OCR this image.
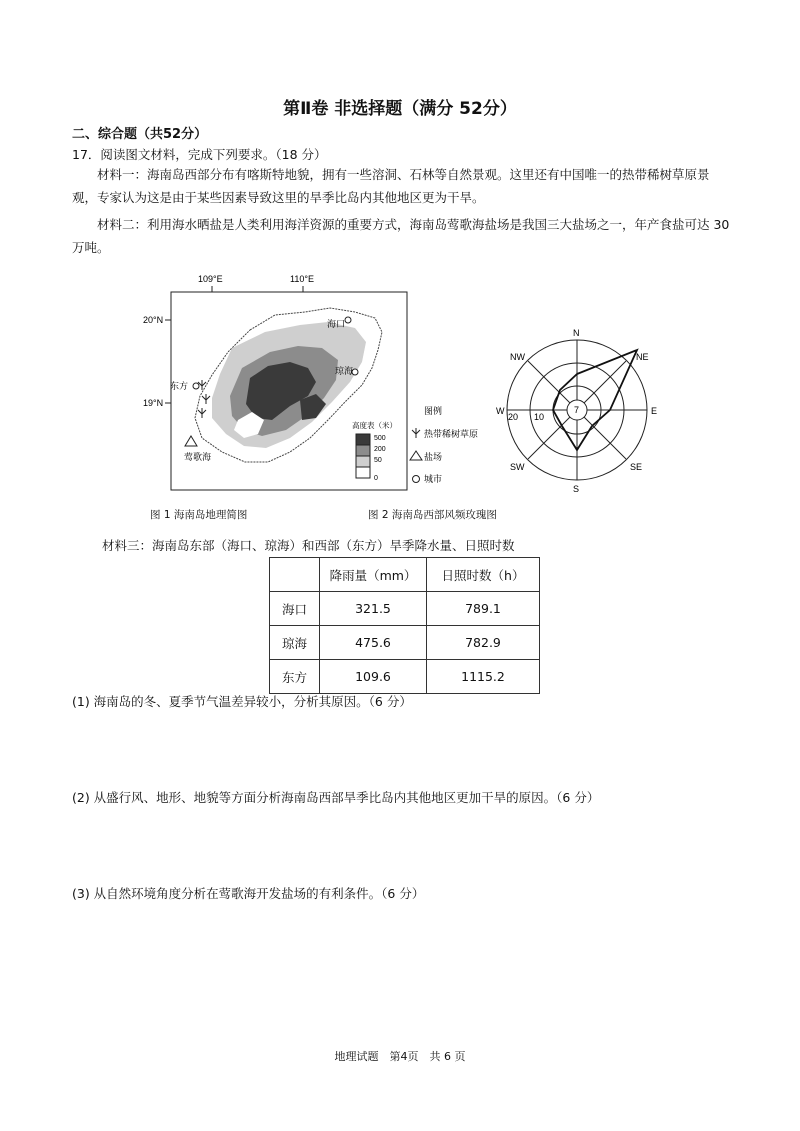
第Ⅱ卷 非选择题（满分 52分）
二、综合题（共52分）
17．阅读图文材料，完成下列要求。（18 分）
材料一：海南岛西部分布有喀斯特地貌，拥有一些溶洞、石林等自然景观。这里还有中国唯一的热带稀树草原景观，专家认为这是由于某些因素导致这里的旱季比岛内其他地区更为干旱。
材料二：利用海水晒盐是人类利用海洋资源的重要方式，海南岛莺歌海盐场是我国三大盐场之一，年产食盐可达 30 万吨。
109°E	110°E
20°N
19°N
海口
琼海
东方
莺歌海
高度表（米）
500
200
50
0
图例
热带稀树草原
盐场
城市
N
NE
E
SE
S
SW
W
NW
20 10
7
图 1 海南岛地理简图	图 2 海南岛西部风频玫瑰图
材料三：海南岛东部（海口、琼海）和西部（东方）旱季降水量、日照时数
	降雨量（mm）	日照时数（h）
海口	321.5	789.1
琼海	475.6	782.9
东方	109.6	1115.2
(1) 海南岛的冬、夏季节气温差异较小，分析其原因。（6 分）
(2) 从盛行风、地形、地貌等方面分析海南岛西部旱季比岛内其他地区更加干旱的原因。（6 分）
(3) 从自然环境角度分析在莺歌海开发盐场的有利条件。（6 分）
地理试题　第4页　共 6 页
